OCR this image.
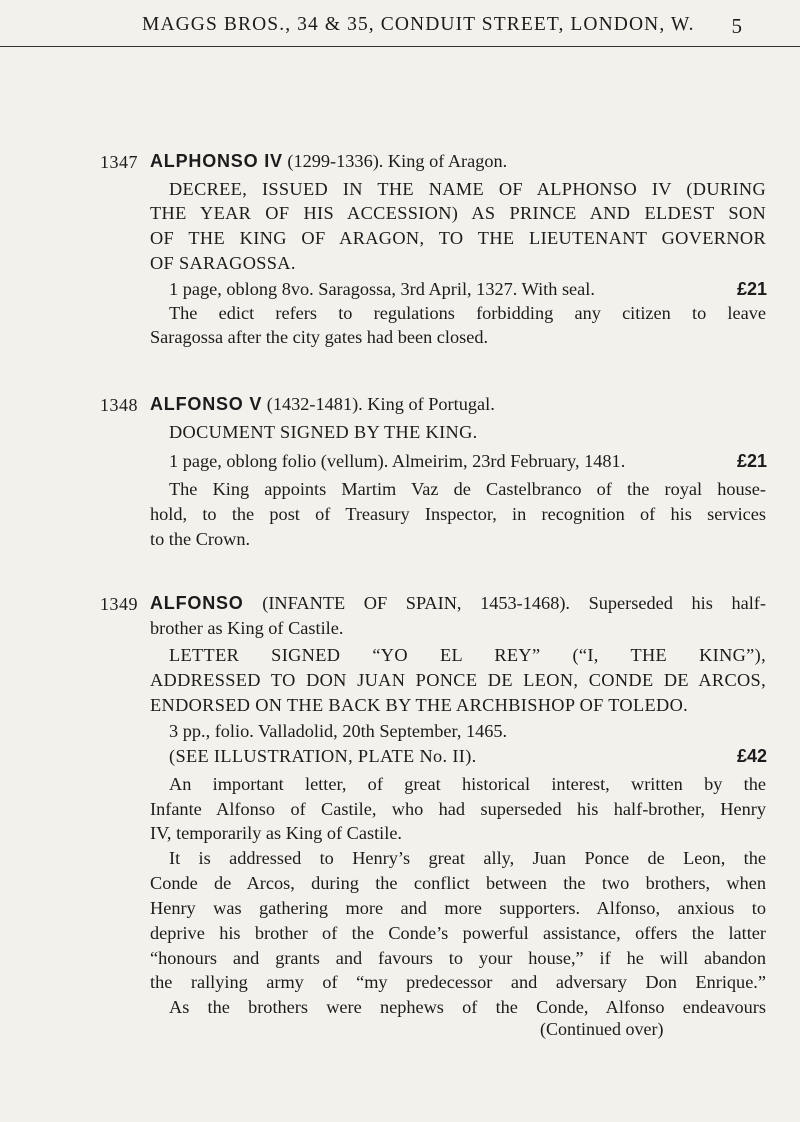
MAGGS BROS., 34 & 35, CONDUIT STREET, LONDON, W. 5
1347 ALPHONSO IV (1299-1336). King of Aragon.
DECREE, ISSUED IN THE NAME OF ALPHONSO IV (DURING
THE YEAR OF HIS ACCESSION) AS PRINCE AND ELDEST SON
OF THE KING OF ARAGON, TO THE LIEUTENANT GOVERNOR
OF SARAGOSSA.
1 page, oblong 8vo. Saragossa, 3rd April, 1327. With seal.	£21
The edict refers to regulations forbidding any citizen to leave
Saragossa after the city gates had been closed.
1348 ALFONSO V (1432-1481). King of Portugal.
DOCUMENT SIGNED BY THE KING.
1 page, oblong folio (vellum). Almeirim, 23rd February, 1481.	£21
The King appoints Martim Vaz de Castelbranco of the royal house-
hold, to the post of Treasury Inspector, in recognition of his services
to the Crown.
1349 ALFONSO (INFANTE OF SPAIN, 1453-1468). Superseded his half-
brother as King of Castile.
LETTER SIGNED “YO EL REY” (“I, THE KING”),
ADDRESSED TO DON JUAN PONCE DE LEON, CONDE DE ARCOS,
ENDORSED ON THE BACK BY THE ARCHBISHOP OF TOLEDO.
3 pp., folio. Valladolid, 20th September, 1465.
(SEE ILLUSTRATION, PLATE No. II).	£42
An important letter, of great historical interest, written by the
Infante Alfonso of Castile, who had superseded his half-brother, Henry
IV, temporarily as King of Castile.
It is addressed to Henry’s great ally, Juan Ponce de Leon, the
Conde de Arcos, during the conflict between the two brothers, when
Henry was gathering more and more supporters. Alfonso, anxious to
deprive his brother of the Conde’s powerful assistance, offers the latter
“honours and grants and favours to your house,” if he will abandon
the rallying army of “my predecessor and adversary Don Enrique.”
As the brothers were nephews of the Conde, Alfonso endeavours
(Continued over)
